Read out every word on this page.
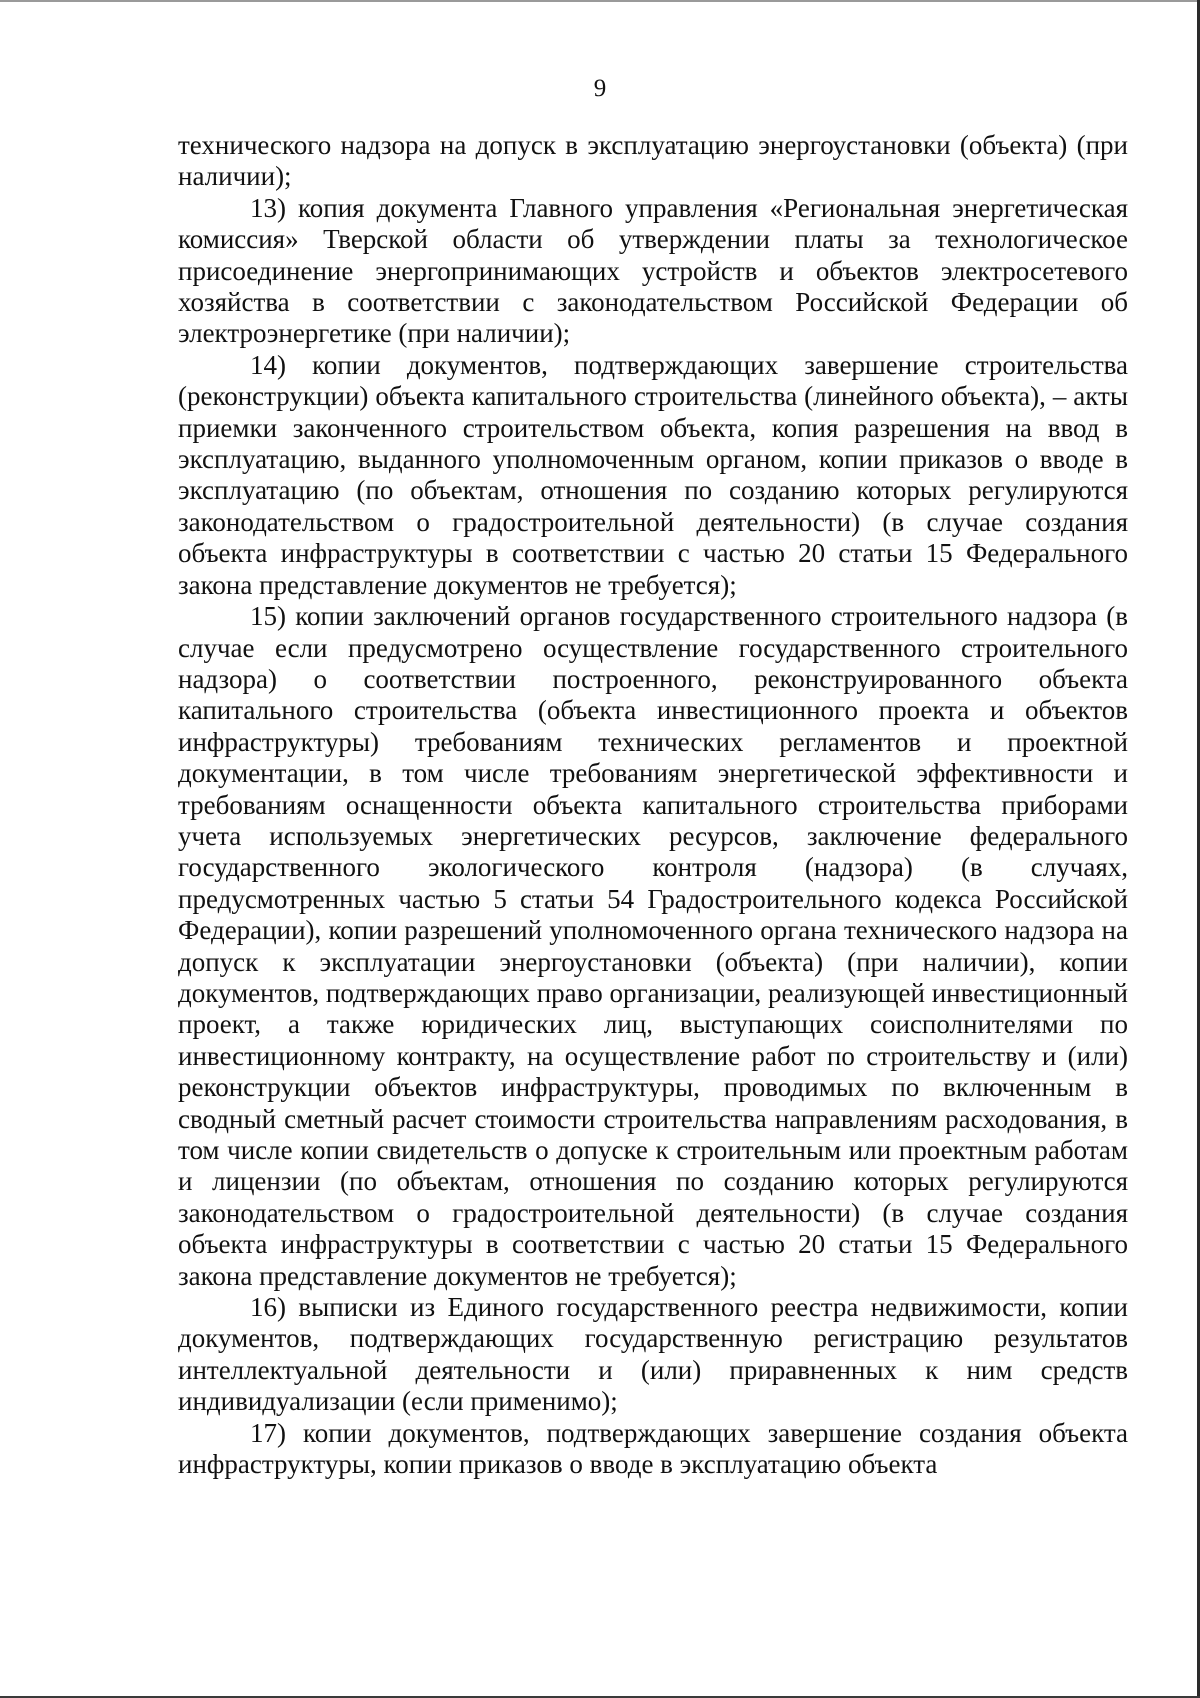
9

технического надзора на допуск в эксплуатацию энергоустановки (объекта) (при наличии);

13) копия документа Главного управления «Региональная энергетическая комиссия» Тверской области об утверждении платы за технологическое присоединение энергопринимающих устройств и объектов электросетевого хозяйства в соответствии с законодательством Российской Федерации об электроэнергетике (при наличии);

14) копии документов, подтверждающих завершение строительства (реконструкции) объекта капитального строительства (линейного объекта), – акты приемки законченного строительством объекта, копия разрешения на ввод в эксплуатацию, выданного уполномоченным органом, копии приказов о вводе в эксплуатацию (по объектам, отношения по созданию которых регулируются законодательством о градостроительной деятельности) (в случае создания объекта инфраструктуры в соответствии с частью 20 статьи 15 Федерального закона представление документов не требуется);

15) копии заключений органов государственного строительного надзора (в случае если предусмотрено осуществление государственного строительного надзора) о соответствии построенного, реконструированного объекта капитального строительства (объекта инвестиционного проекта и объектов инфраструктуры) требованиям технических регламентов и проектной документации, в том числе требованиям энергетической эффективности и требованиям оснащенности объекта капитального строительства приборами учета используемых энергетических ресурсов, заключение федерального государственного экологического контроля (надзора) (в случаях, предусмотренных частью 5 статьи 54 Градостроительного кодекса Российской Федерации), копии разрешений уполномоченного органа технического надзора на допуск к эксплуатации энергоустановки (объекта) (при наличии), копии документов, подтверждающих право организации, реализующей инвестиционный проект, а также юридических лиц, выступающих соисполнителями по инвестиционному контракту, на осуществление работ по строительству и (или) реконструкции объектов инфраструктуры, проводимых по включенным в сводный сметный расчет стоимости строительства направлениям расходования, в том числе копии свидетельств о допуске к строительным или проектным работам и лицензии (по объектам, отношения по созданию которых регулируются законодательством о градостроительной деятельности) (в случае создания объекта инфраструктуры в соответствии с частью 20 статьи 15 Федерального закона представление документов не требуется);

16) выписки из Единого государственного реестра недвижимости, копии документов, подтверждающих государственную регистрацию результатов интеллектуальной деятельности и (или) приравненных к ним средств индивидуализации (если применимо);

17) копии документов, подтверждающих завершение создания объекта инфраструктуры, копии приказов о вводе в эксплуатацию объекта
